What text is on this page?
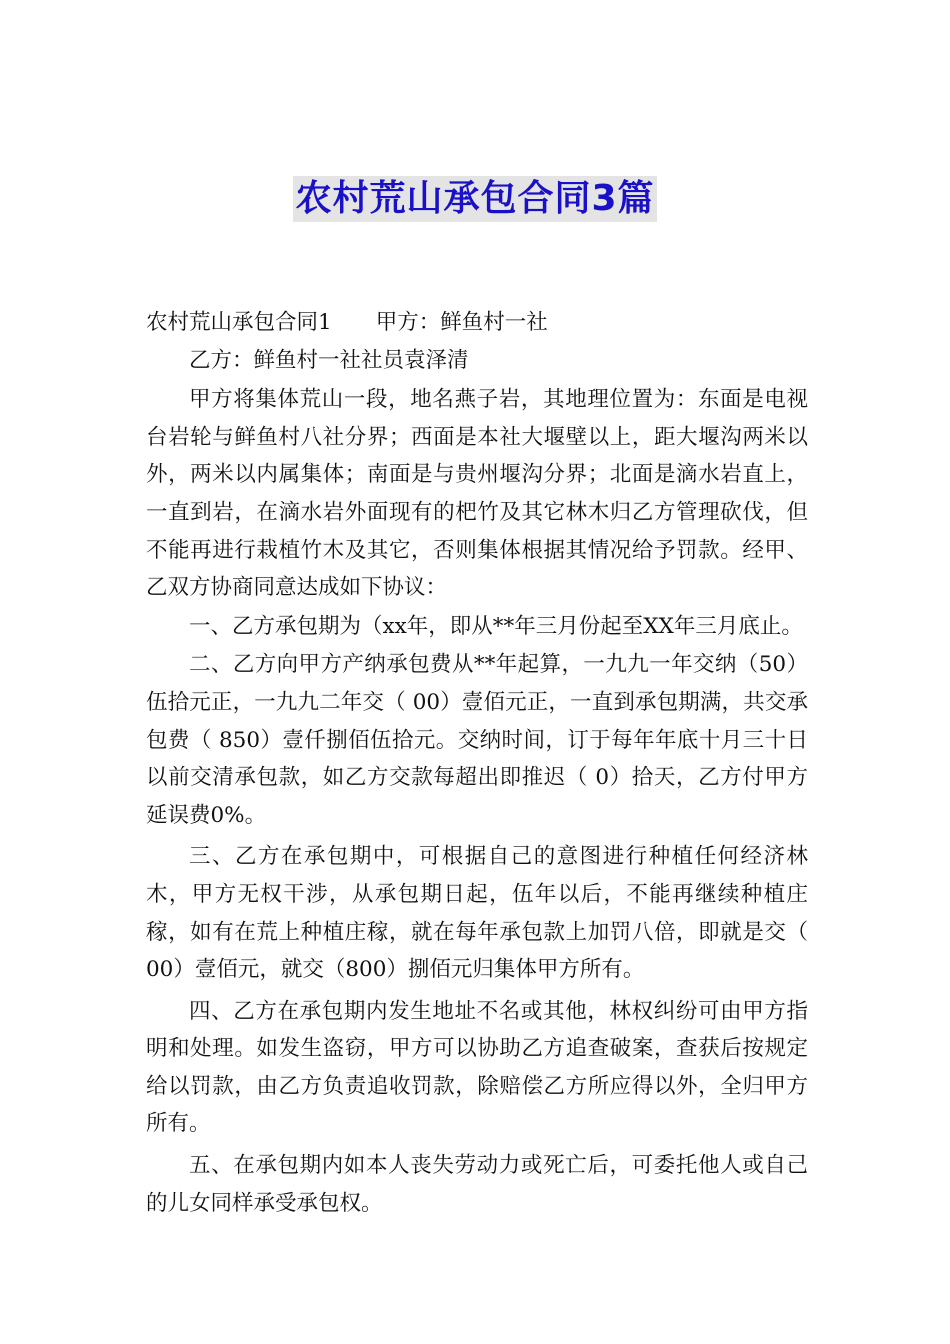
农村荒山承包合同3篇

农村荒山承包合同1 甲方：鲜鱼村一社

乙方：鲜鱼村一社社员袁泽清

甲方将集体荒山一段，地名燕子岩，其地理位置为：东面是电视台岩轮与鲜鱼村八社分界；西面是本社大堰壁以上，距大堰沟两米以外，两米以内属集体；南面是与贵州堰沟分界；北面是滴水岩直上，一直到岩，在滴水岩外面现有的杷竹及其它林木归乙方管理砍伐，但不能再进行栽植竹木及其它，否则集体根据其情况给予罚款。经甲、乙双方协商同意达成如下协议：

一、乙方承包期为（xx年，即从**年三月份起至XX年三月底止。

二、乙方向甲方产纳承包费从**年起算，一九九一年交纳（50）伍拾元正，一九九二年交（ 00）壹佰元正，一直到承包期满，共交承包费（ 850）壹仟捌佰伍拾元。交纳时间，订于每年年底十月三十日以前交清承包款，如乙方交款每超出即推迟（ 0）拾天，乙方付甲方延误费0%。

三、乙方在承包期中，可根据自己的意图进行种植任何经济林木，甲方无权干涉，从承包期日起，伍年以后，不能再继续种植庄稼，如有在荒上种植庄稼，就在每年承包款上加罚八倍，即就是交（ 00）壹佰元，就交（800）捌佰元归集体甲方所有。

四、乙方在承包期内发生地址不名或其他，林权纠纷可由甲方指明和处理。如发生盗窃，甲方可以协助乙方追查破案，查获后按规定给以罚款，由乙方负责追收罚款，除赔偿乙方所应得以外，全归甲方所有。

五、在承包期内如本人丧失劳动力或死亡后，可委托他人或自己的儿女同样承受承包权。
